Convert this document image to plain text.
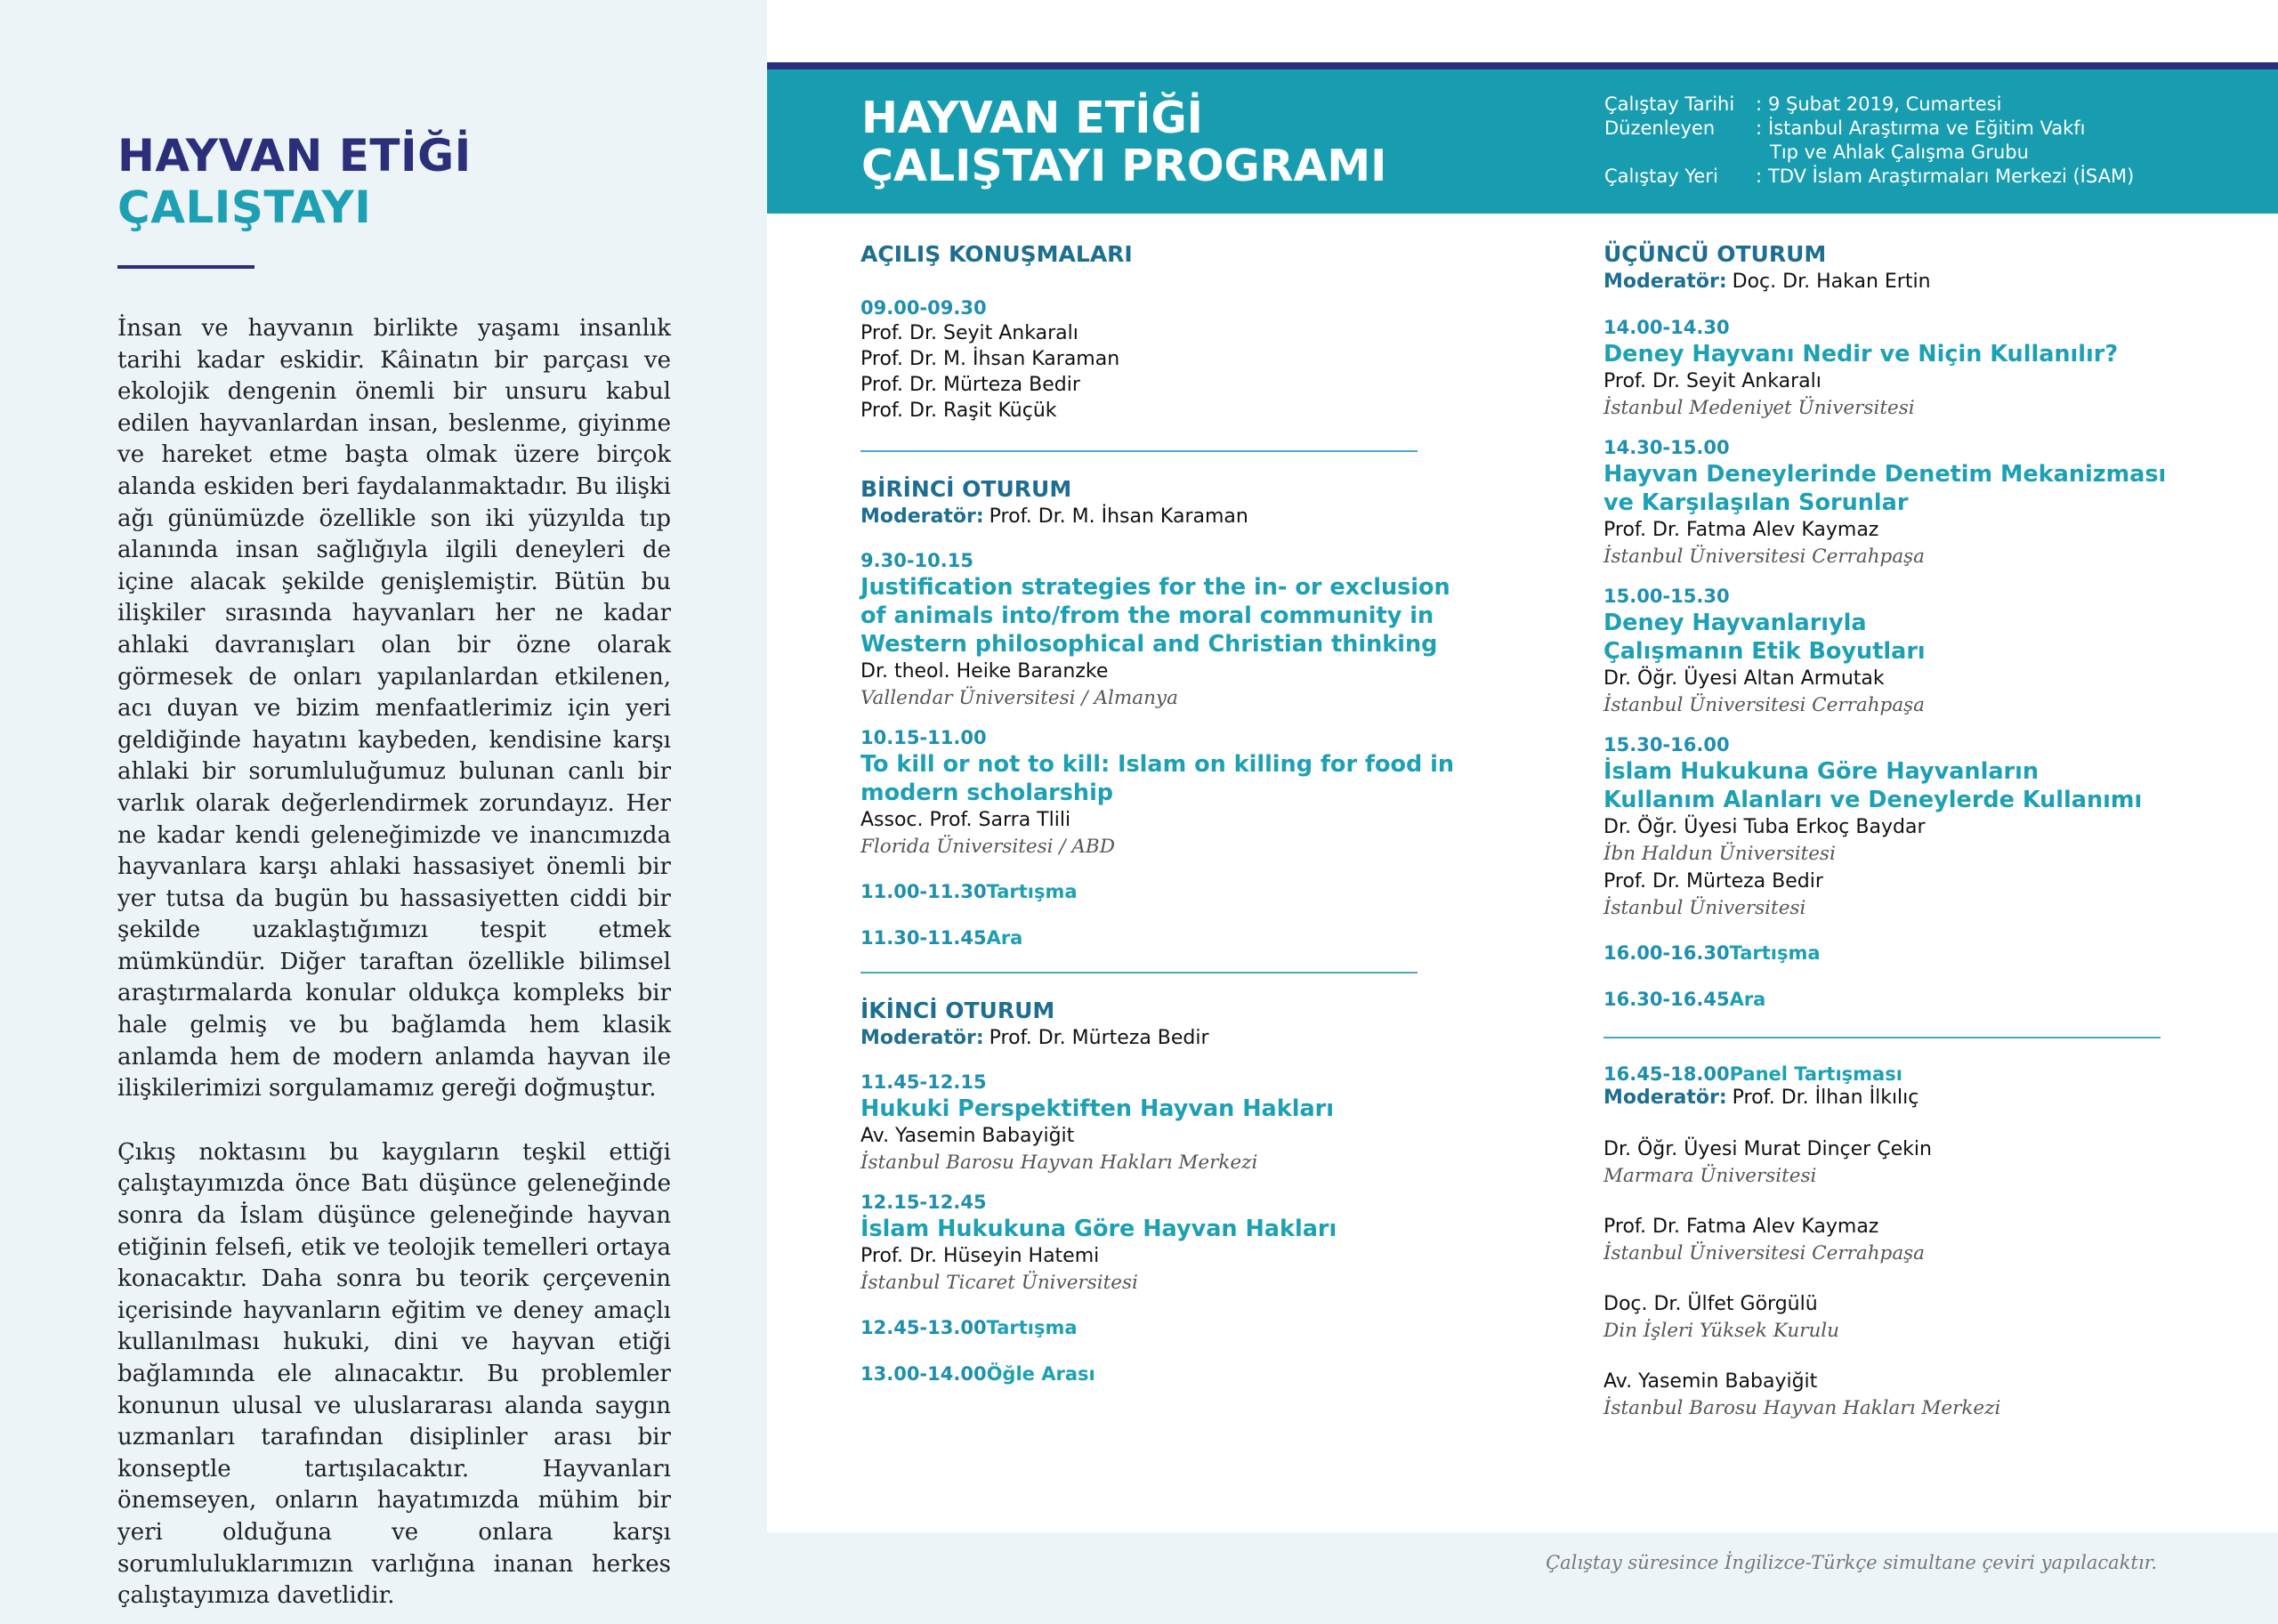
HAYVAN ETİĞİ
ÇALIŞTAYI

İnsan ve hayvanın birlikte yaşamı insanlık tarihi kadar eskidir. Kâinatın bir parçası ve ekolojik dengenin önemli bir unsuru kabul edilen hayvanlardan insan, beslenme, giyinme ve hareket etme başta olmak üzere birçok alanda eskiden beri faydalanmaktadır. Bu ilişki ağı günümüzde özellikle son iki yüzyılda tıp alanında insan sağlığıyla ilgili deneyleri de içine alacak şekilde genişlemiştir. Bütün bu ilişkiler sırasında hayvanları her ne kadar ahlaki davranışları olan bir özne olarak görmesek de onları yapılanlardan etkilenen, acı duyan ve bizim menfaatlerimiz için yeri geldiğinde hayatını kaybeden, kendisine karşı ahlaki bir sorumluluğumuz bulunan canlı bir varlık olarak değerlendirmek zorundayız. Her ne kadar kendi geleneğimizde ve inancımızda hayvanlara karşı ahlaki hassasiyet önemli bir yer tutsa da bugün bu hassasiyetten ciddi bir şekilde uzaklaştığımızı tespit etmek mümkündür. Diğer taraftan özellikle bilimsel araştırmalarda konular oldukça kompleks bir hale gelmiş ve bu bağlamda hem klasik anlamda hem de modern anlamda hayvan ile ilişkilerimizi sorgulamamız gereği doğmuştur.

Çıkış noktasını bu kaygıların teşkil ettiği çalıştayımızda önce Batı düşünce geleneğinde sonra da İslam düşünce geleneğinde hayvan etiğinin felsefi, etik ve teolojik temelleri ortaya konacaktır. Daha sonra bu teorik çerçevenin içerisinde hayvanların eğitim ve deney amaçlı kullanılması hukuki, dini ve hayvan etiği bağlamında ele alınacaktır. Bu problemler konunun ulusal ve uluslararası alanda saygın uzmanları tarafından disiplinler arası bir konseptle tartışılacaktır. Hayvanları önemseyen, onların hayatımızda mühim bir yeri olduğuna ve onlara karşı sorumluluklarımızın varlığına inanan herkes çalıştayımıza davetlidir.

HAYVAN ETİĞİ
ÇALIŞTAYI PROGRAMI
Çalıştay Tarihi	: 9 Şubat 2019, Cumartesi
Düzenleyen	: İstanbul Araştırma ve Eğitim Vakfı
Tıp ve Ahlak Çalışma Grubu
Çalıştay Yeri	: TDV İslam Araştırmaları Merkezi (İSAM)
AÇILIŞ KONUŞMALARI
09.00-09.30
Prof. Dr. Seyit Ankaralı
Prof. Dr. M. İhsan Karaman
Prof. Dr. Mürteza Bedir
Prof. Dr. Raşit Küçük
BİRİNCİ OTURUM
Moderatör: Prof. Dr. M. İhsan Karaman
9.30-10.15
Justification strategies for the in- or exclusion
of animals into/from the moral community in
Western philosophical and Christian thinking
Dr. theol. Heike Baranzke
Vallendar Üniversitesi / Almanya
10.15-11.00
To kill or not to kill: Islam on killing for food in
modern scholarship
Assoc. Prof. Sarra Tlili
Florida Üniversitesi / ABD
11.00-11.30Tartışma
11.30-11.45Ara
İKİNCİ OTURUM
Moderatör: Prof. Dr. Mürteza Bedir
11.45-12.15
Hukuki Perspektiften Hayvan Hakları
Av. Yasemin Babayiğit
İstanbul Barosu Hayvan Hakları Merkezi
12.15-12.45
İslam Hukukuna Göre Hayvan Hakları
Prof. Dr. Hüseyin Hatemi
İstanbul Ticaret Üniversitesi
12.45-13.00Tartışma
13.00-14.00Öğle Arası
ÜÇÜNCÜ OTURUM
Moderatör: Doç. Dr. Hakan Ertin
14.00-14.30
Deney Hayvanı Nedir ve Niçin Kullanılır?
Prof. Dr. Seyit Ankaralı
İstanbul Medeniyet Üniversitesi
14.30-15.00
Hayvan Deneylerinde Denetim Mekanizması
ve Karşılaşılan Sorunlar
Prof. Dr. Fatma Alev Kaymaz
İstanbul Üniversitesi Cerrahpaşa
15.00-15.30
Deney Hayvanlarıyla
Çalışmanın Etik Boyutları
Dr. Öğr. Üyesi Altan Armutak
İstanbul Üniversitesi Cerrahpaşa
15.30-16.00
İslam Hukukuna Göre Hayvanların
Kullanım Alanları ve Deneylerde Kullanımı
Dr. Öğr. Üyesi Tuba Erkoç Baydar
İbn Haldun Üniversitesi
Prof. Dr. Mürteza Bedir
İstanbul Üniversitesi
16.00-16.30Tartışma
16.30-16.45Ara
16.45-18.00Panel Tartışması
Moderatör: Prof. Dr. İlhan İlkılıç
Dr. Öğr. Üyesi Murat Dinçer Çekin
Marmara Üniversitesi
Prof. Dr. Fatma Alev Kaymaz
İstanbul Üniversitesi Cerrahpaşa
Doç. Dr. Ülfet Görgülü
Din İşleri Yüksek Kurulu
Av. Yasemin Babayiğit
İstanbul Barosu Hayvan Hakları Merkezi
Çalıştay süresince İngilizce-Türkçe simultane çeviri yapılacaktır.
